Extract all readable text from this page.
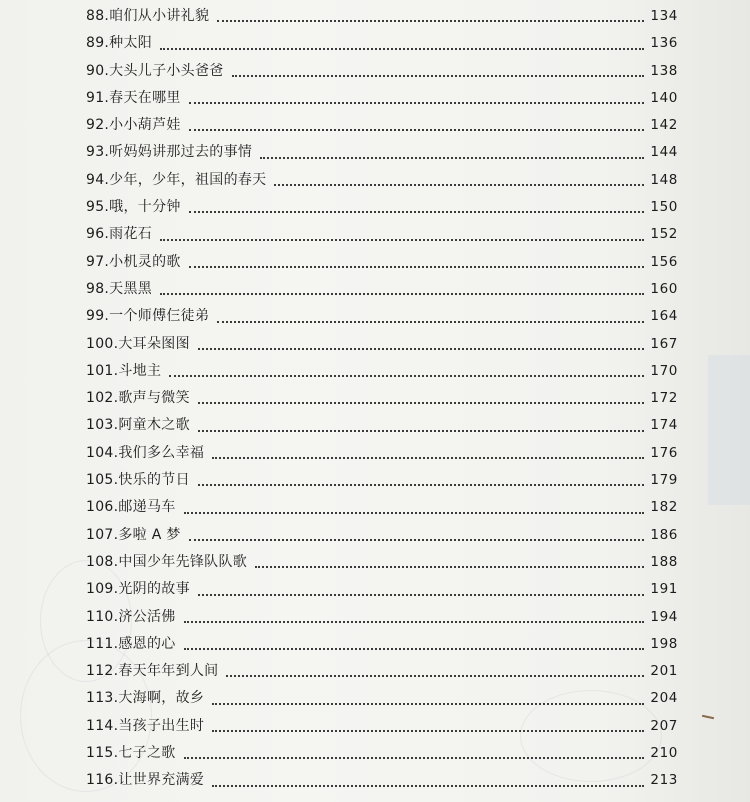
88.咱们从小讲礼貌	134
89.种太阳	136
90.大头儿子小头爸爸	138
91.春天在哪里	140
92.小小葫芦娃	142
93.听妈妈讲那过去的事情	144
94.少年，少年，祖国的春天	148
95.哦，十分钟	150
96.雨花石	152
97.小机灵的歌	156
98.天黑黑	160
99.一个师傅仨徒弟	164
100.大耳朵图图	167
101.斗地主	170
102.歌声与微笑	172
103.阿童木之歌	174
104.我们多么幸福	176
105.快乐的节日	179
106.邮递马车	182
107.多啦 A 梦	186
108.中国少年先锋队队歌	188
109.光阴的故事	191
110.济公活佛	194
111.感恩的心	198
112.春天年年到人间	201
113.大海啊，故乡	204
114.当孩子出生时	207
115.七子之歌	210
116.让世界充满爱	213
